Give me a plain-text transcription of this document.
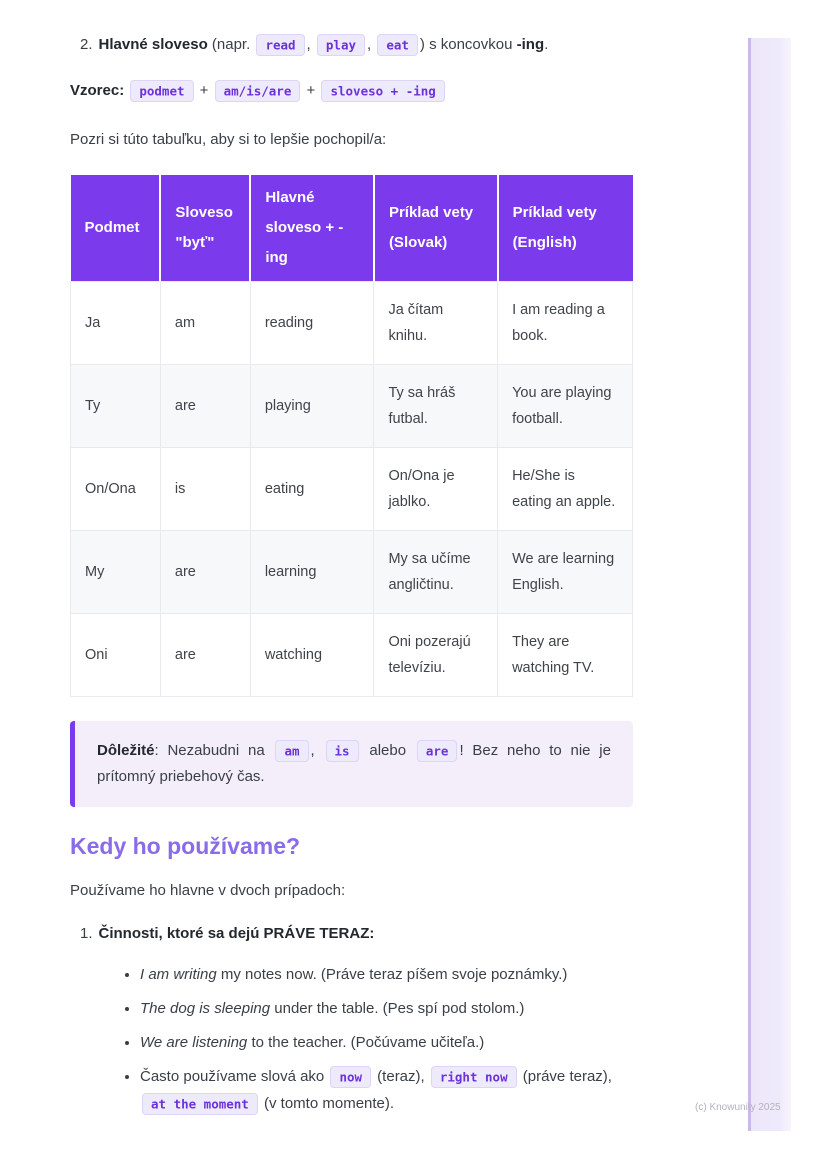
2. Hlavné sloveso (napr. read , play , eat ) s koncovkou -ing.

Vzorec: podmet + am/is/are + sloveso + -ing

Pozri si túto tabuľku, aby si to lepšie pochopil/a:

Podmet	Sloveso "byť"	Hlavné sloveso + -ing	Príklad vety (Slovak)	Príklad vety (English)
Ja	am	reading	Ja čítam knihu.	I am reading a book.
Ty	are	playing	Ty sa hráš futbal.	You are playing football.
On/Ona	is	eating	On/Ona je jablko.	He/She is eating an apple.
My	are	learning	My sa učíme angličtinu.	We are learning English.
Oni	are	watching	Oni pozerajú televíziu.	They are watching TV.
Dôležité: Nezabudni na am , is alebo are ! Bez neho to nie je prítomný priebehový čas.
Kedy ho používame?

Používame ho hlavne v dvoch prípadoch:

1. Činnosti, ktoré sa dejú PRÁVE TERAZ:
• I am writing my notes now. (Práve teraz píšem svoje poznámky.)
• The dog is sleeping under the table. (Pes spí pod stolom.)
• We are listening to the teacher. (Počúvame učiteľa.)
• Často používame slová ako now (teraz), right now (práve teraz), at the moment (v tomto momente).	(c) Knowunity 2025
